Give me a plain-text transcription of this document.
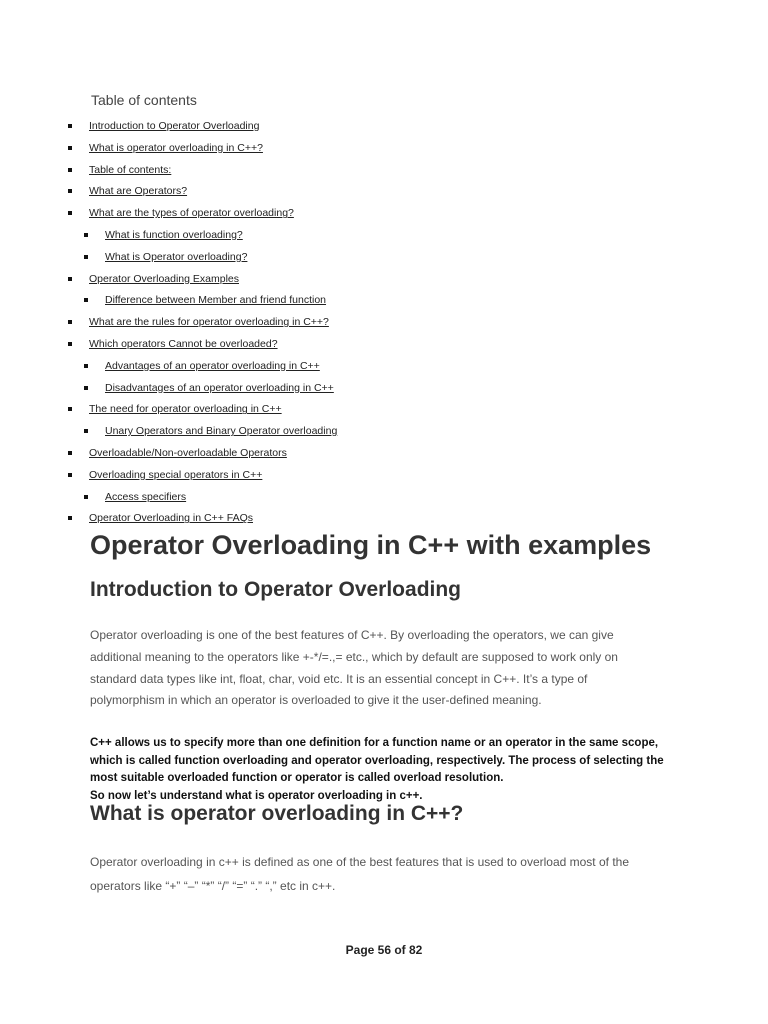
Table of contents
Introduction to Operator Overloading
What is operator overloading in C++?
Table of contents:
What are Operators?
What are the types of operator overloading?
What is function overloading?
What is Operator overloading?
Operator Overloading Examples
Difference between Member and friend function
What are the rules for operator overloading in C++?
Which operators Cannot be overloaded?
Advantages of an operator overloading in C++
Disadvantages of an operator overloading in C++
The need for operator overloading in C++
Unary Operators and Binary Operator overloading
Overloadable/Non-overloadable Operators
Overloading special operators in C++
Access specifiers
Operator Overloading in C++ FAQs
Operator Overloading in C++ with examples
Introduction to Operator Overloading
Operator overloading is one of the best features of C++. By overloading the operators, we can give
additional meaning to the operators like +-*/=.,= etc., which by default are supposed to work only on
standard data types like int, float, char, void etc. It is an essential concept in C++. It’s a type of
polymorphism in which an operator is overloaded to give it the user-defined meaning.
C++ allows us to specify more than one definition for a function name or an operator in the same scope,
which is called function overloading and operator overloading, respectively. The process of selecting the
most suitable overloaded function or operator is called overload resolution.
So now let’s understand what is operator overloading in c++.
What is operator overloading in C++?
Operator overloading in c++ is defined as one of the best features that is used to overload most of the
operators like “+” “–” “*” “/” “=” “.” “,” etc in c++.
Page 56 of 82
